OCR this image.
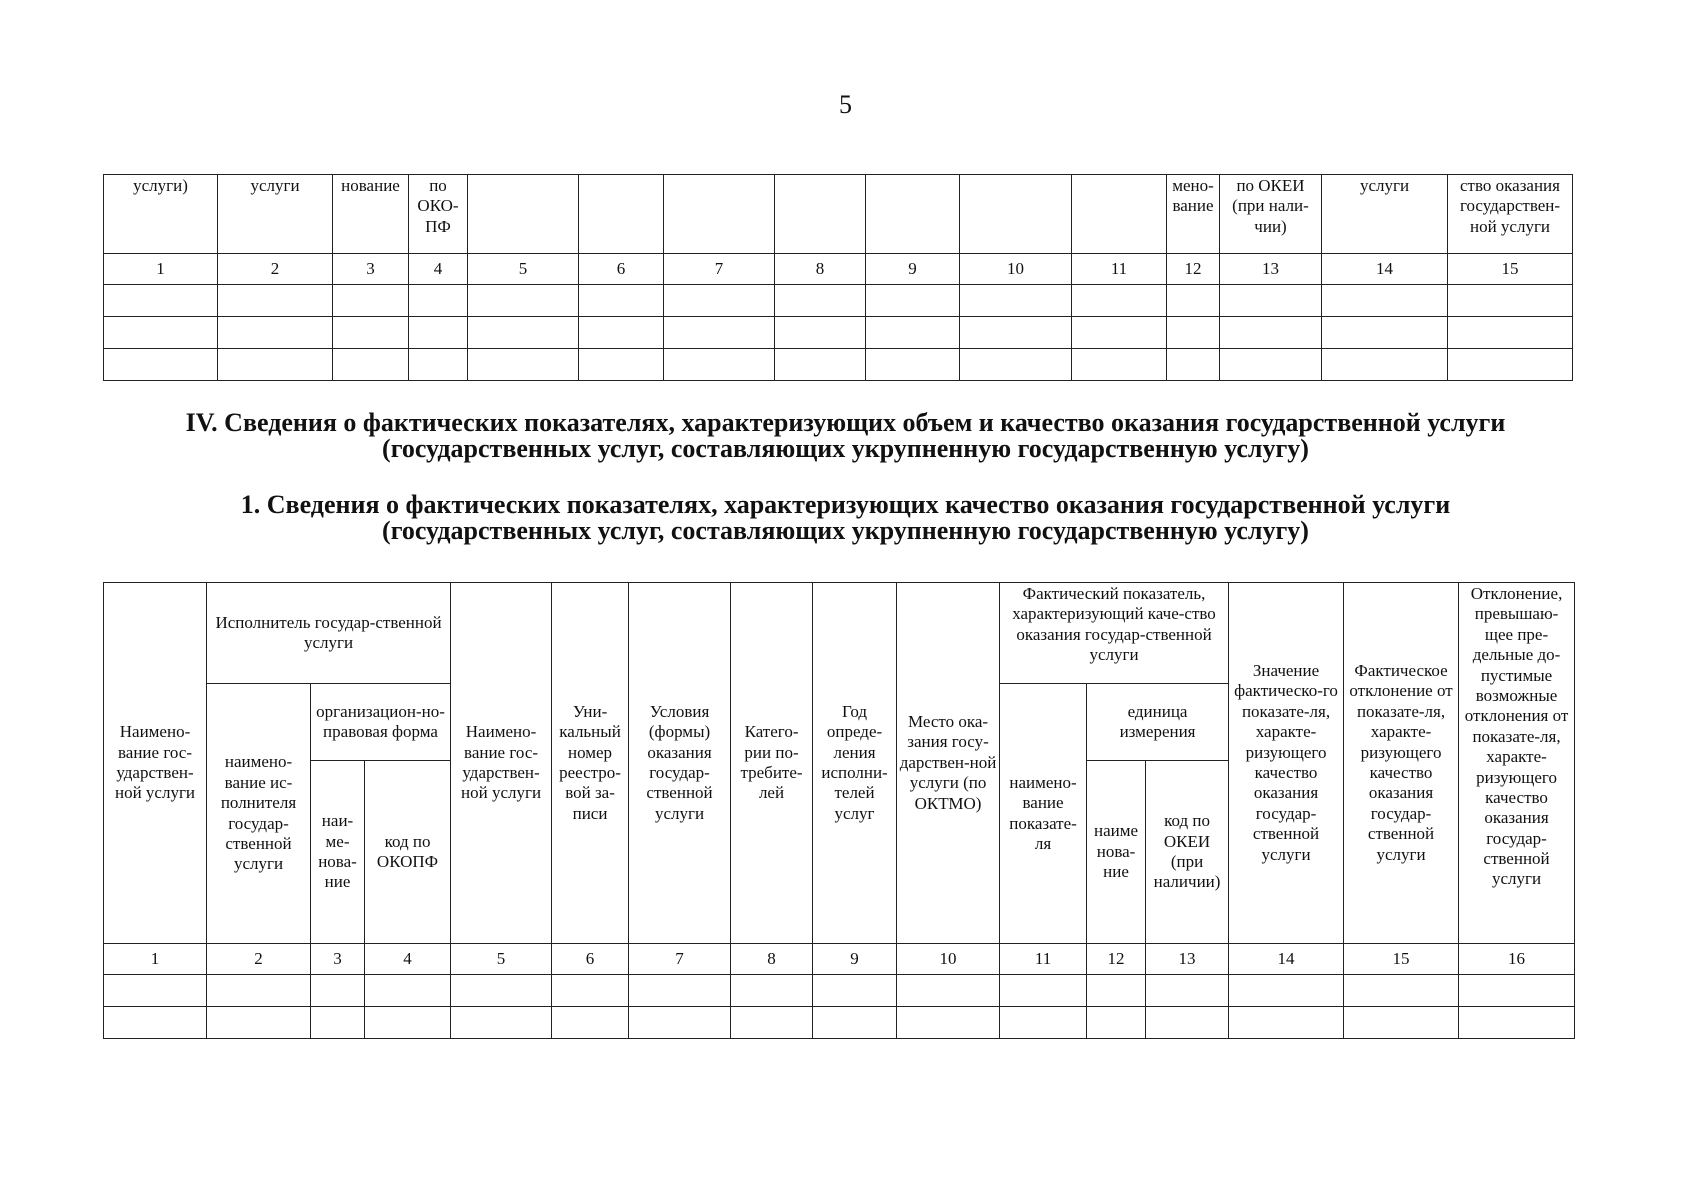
5
услуги)	услуги	нование	по ОКО-ПФ								мено-вание	по ОКЕИ (при нали-чии)	услуги	ство оказания государствен-ной услуги
1	2	3	4	5	6	7	8	9	10	11	12	13	14	15

IV. Сведения о фактических показателях, характеризующих объем и качество оказания государственной услуги
(государственных услуг, составляющих укрупненную государственную услугу)
1. Сведения о фактических показателях, характеризующих качество оказания государственной услуги
(государственных услуг, составляющих укрупненную государственную услугу)
Наимено-вание гос-ударствен-ной услуги	Исполнитель государ-ственной услуги			Наимено-вание гос-ударствен-ной услуги	Уни-кальный номер реестро-вой за-писи	Условия (формы) оказания государ-ственной услуги	Катего-рии по-требите-лей	Год опреде-ления исполни-телей услуг	Место ока-зания госу-дарствен-ной услуги (по ОКТМО)	Фактический показатель, характеризующий каче-ство оказания государ-ственной услуги			Значение фактическо-го показате-ля, характе-ризующего качество оказания государ-ственной услуги	Фактическое отклонение от показате-ля, характе-ризующего качество оказания государ-ственной услуги	Отклонение, превышаю-щее пре-дельные до-пустимые возможные отклонения от показате-ля, характе-ризующего качество оказания государ-ственной услуги
	наимено-вание ис-полнителя государ-ственной услуги	организацион-но-правовая форма								наимено-вание показате-ля	единица измерения				
		наи-ме-нова-ние	код по ОКОПФ								наиме нова-ние	код по ОКЕИ (при наличии)			
1	2	3	4	5	6	7	8	9	10	11	12	13	14	15	16
